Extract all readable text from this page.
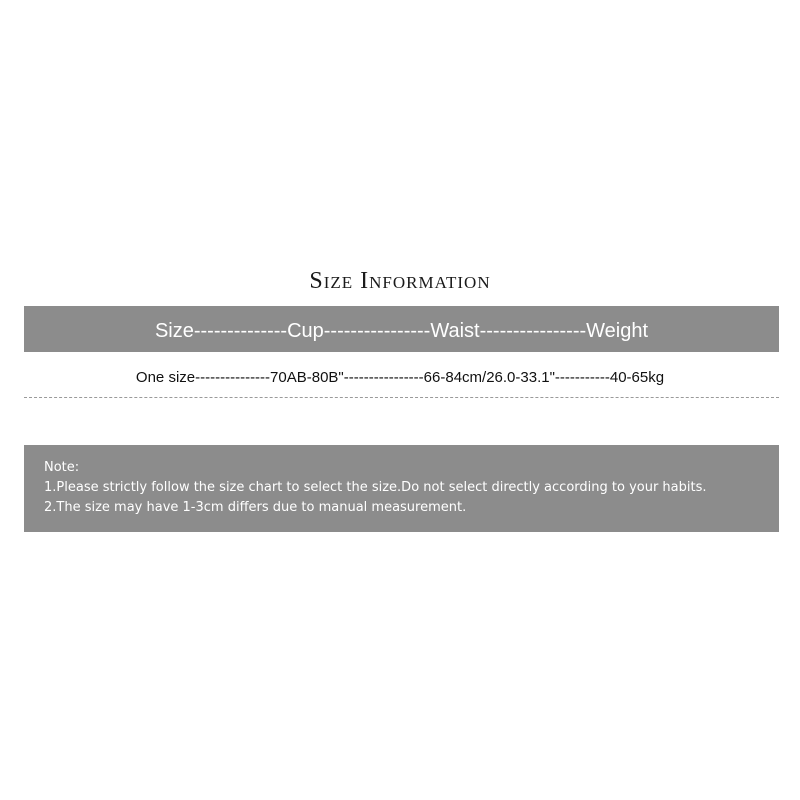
Size Information
Size--------------Cup----------------Waist----------------Weight
One size---------------70AB-80B"----------------66-84cm/26.0-33.1"-----------40-65kg
Note:
1.Please strictly follow the size chart to select the size.Do not select directly according to your habits.
2.The size may have 1-3cm differs due to manual measurement.
